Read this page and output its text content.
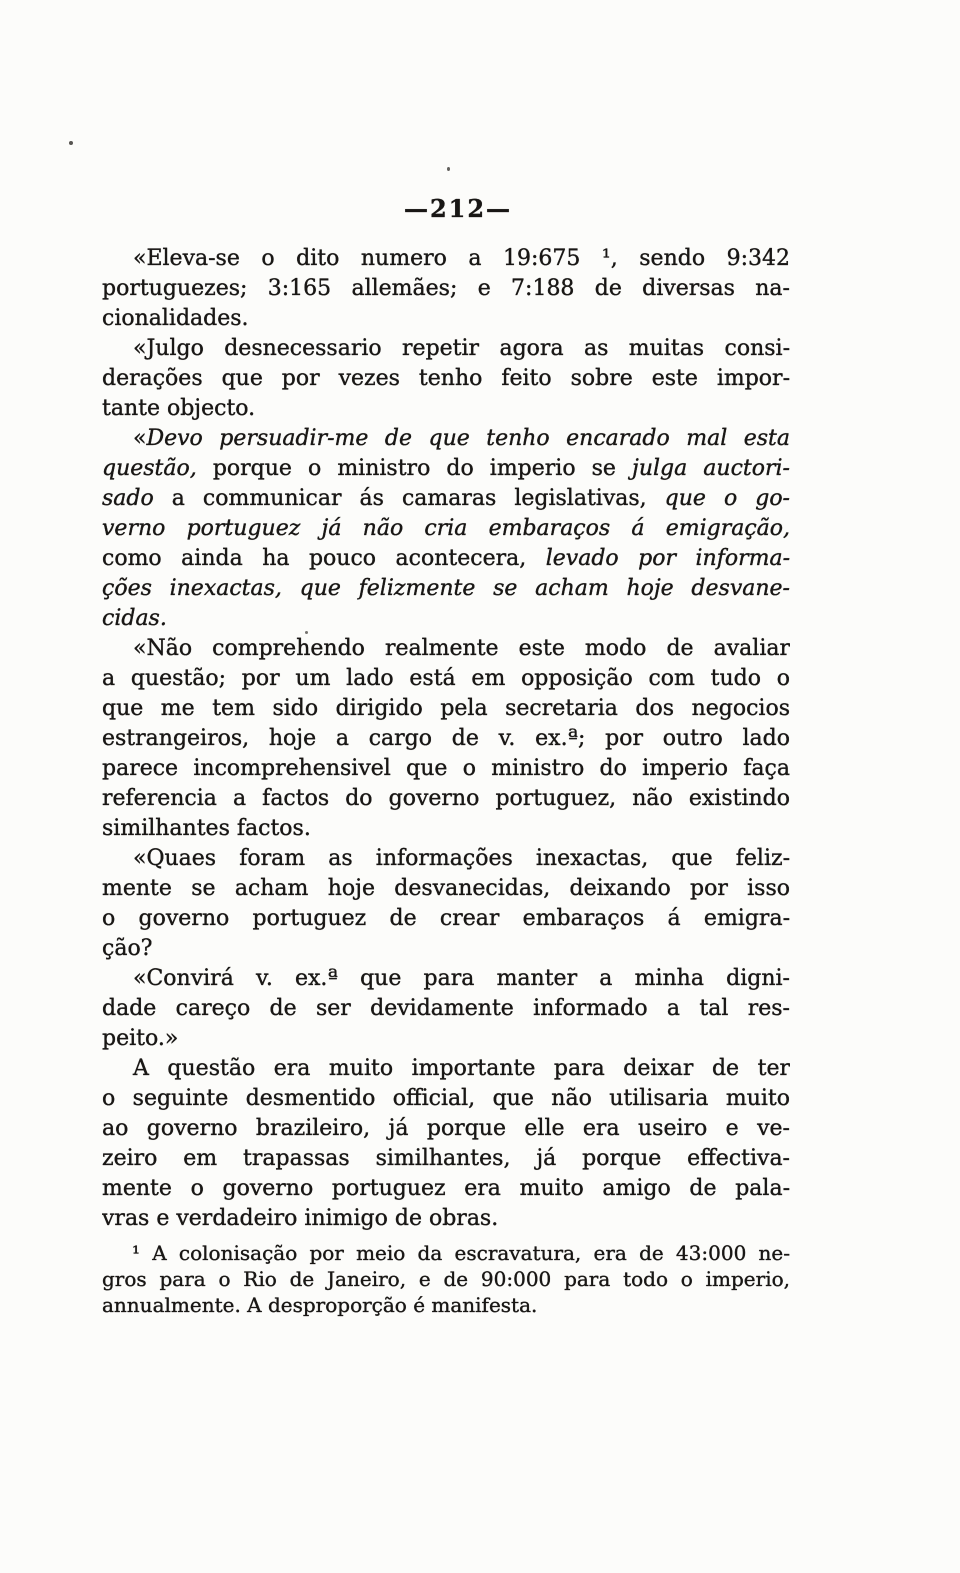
—212—
«Eleva-se o dito numero a 19:675 ¹, sendo 9:342
portuguezes; 3:165 allemães; e 7:188 de diversas na-
cionalidades.
«Julgo desnecessario repetir agora as muitas consi-
derações que por vezes tenho feito sobre este impor-
tante objecto.
«Devo persuadir-me de que tenho encarado mal esta
questão, porque o ministro do imperio se julga auctori-
sado a communicar ás camaras legislativas, que o go-
verno portuguez já não cria embaraços á emigração,
como ainda ha pouco acontecera, levado por informa-
ções inexactas, que felizmente se acham hoje desvane-
cidas.
«Não comprehendo realmente este modo de avaliar
a questão; por um lado está em opposição com tudo o
que me tem sido dirigido pela secretaria dos negocios
estrangeiros, hoje a cargo de v. ex.ª; por outro lado
parece incomprehensivel que o ministro do imperio faça
referencia a factos do governo portuguez, não existindo
similhantes factos.
«Quaes foram as informações inexactas, que feliz-
mente se acham hoje desvanecidas, deixando por isso
o governo portuguez de crear embaraços á emigra-
ção?
«Convirá v. ex.ª que para manter a minha digni-
dade careço de ser devidamente informado a tal res-
peito.»
A questão era muito importante para deixar de ter
o seguinte desmentido official, que não utilisaria muito
ao governo brazileiro, já porque elle era useiro e ve-
zeiro em trapassas similhantes, já porque effectiva-
mente o governo portuguez era muito amigo de pala-
vras e verdadeiro inimigo de obras.
¹ A colonisação por meio da escravatura, era de 43:000 ne-
gros para o Rio de Janeiro, e de 90:000 para todo o imperio,
annualmente. A desproporção é manifesta.
